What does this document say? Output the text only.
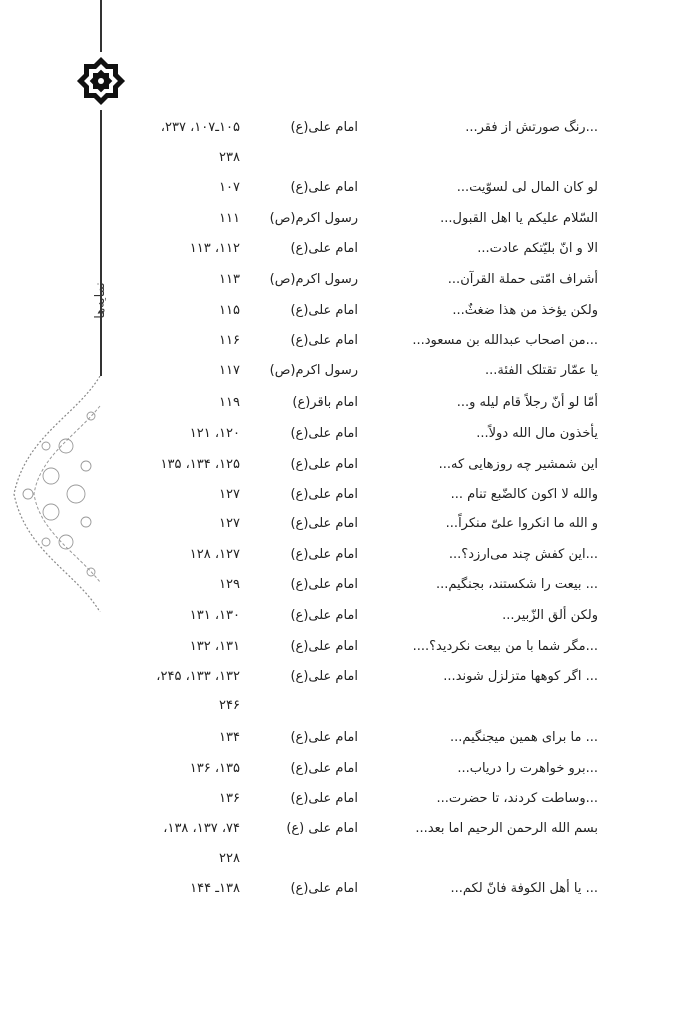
نمایه‌ها
...رنگ صورتش از فقر...
امام علی(ع)
۱۰۵ـ۱۰۷، ۲۳۷،
۲۳۸
لو کان المال لی لسوّیت...
امام علی(ع)
۱۰۷
السّلام علیکم یا اهل القبول...
رسول اکرم(ص)
۱۱۱
الا و انّ بلیّتکم عادت...
امام علی(ع)
۱۱۲، ۱۱۳
أشراف امّتی حملة القرآن...
رسول اکرم(ص)
۱۱۳
ولکن یؤخذ من هذا ضغثٌ...
امام علی(ع)
۱۱۵
...من اصحاب عبدالله بن مسعود...
امام علی(ع)
۱۱۶
یا عمّار تقتلک الفئة...
رسول اکرم(ص)
۱۱۷
أمّا لو أنّ رجلاً قام لیله و...
امام باقر(ع)
۱۱۹
یأخذون مال الله دولاً...
امام علی(ع)
۱۲۰، ۱۲۱
این شمشیر چه روزهایی که...
امام علی(ع)
۱۲۵، ۱۳۴، ۱۳۵
والله لا اکون کالضّبع تنام ...
امام علی(ع)
۱۲۷
و الله ما انکروا علیّ منکراً...
امام علی(ع)
۱۲۷
...این کفش چند می‌ارزد؟...
امام علی(ع)
۱۲۷، ۱۲۸
... بیعت را شکستند، بجنگیم...
امام علی(ع)
۱۲۹
ولکن ألق الزّبیر...
امام علی(ع)
۱۳۰، ۱۳۱
...مگر شما با من بیعت نکردید؟....
امام علی(ع)
۱۳۱، ۱۳۲
... اگر کوهها متزلزل شوند...
امام علی(ع)
۱۳۲، ۱۳۳، ۲۴۵،
۲۴۶
... ما برای همین میجنگیم...
امام علی(ع)
۱۳۴
...برو خواهرت را دریاب...
امام علی(ع)
۱۳۵، ۱۳۶
...وساطت کردند، تا حضرت...
امام علی(ع)
۱۳۶
بسم الله الرحمن الرحیم اما بعد...
امام علی (ع)
۷۴، ۱۳۷، ۱۳۸،
۲۲۸
... یا أهل الکوفة فانّ لکم...
امام علی(ع)
۱۳۸ـ ۱۴۴
